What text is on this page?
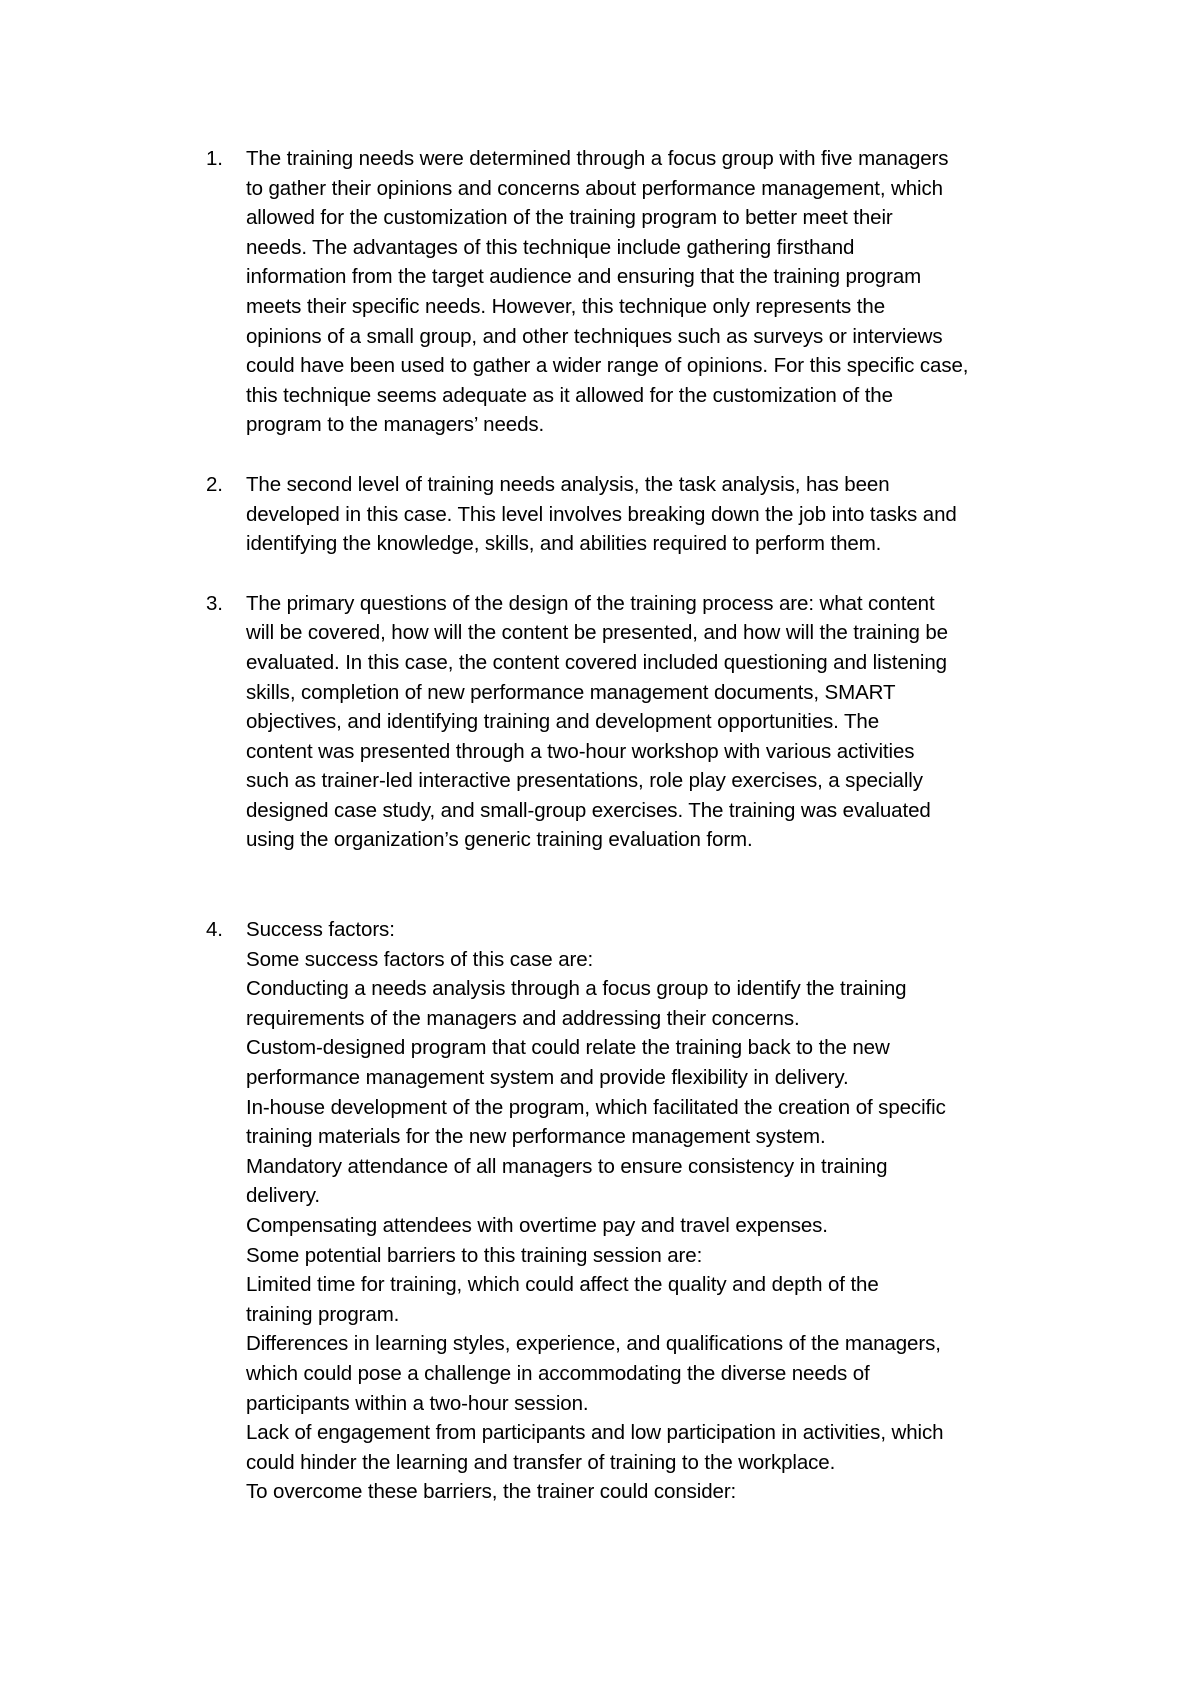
1. The training needs were determined through a focus group with five managers
to gather their opinions and concerns about performance management, which
allowed for the customization of the training program to better meet their
needs. The advantages of this technique include gathering firsthand
information from the target audience and ensuring that the training program
meets their specific needs. However, this technique only represents the
opinions of a small group, and other techniques such as surveys or interviews
could have been used to gather a wider range of opinions. For this specific case,
this technique seems adequate as it allowed for the customization of the
program to the managers’ needs.
2. The second level of training needs analysis, the task analysis, has been
developed in this case. This level involves breaking down the job into tasks and
identifying the knowledge, skills, and abilities required to perform them.
3. The primary questions of the design of the training process are: what content
will be covered, how will the content be presented, and how will the training be
evaluated. In this case, the content covered included questioning and listening
skills, completion of new performance management documents, SMART
objectives, and identifying training and development opportunities. The
content was presented through a two-hour workshop with various activities
such as trainer-led interactive presentations, role play exercises, a specially
designed case study, and small-group exercises. The training was evaluated
using the organization’s generic training evaluation form.
4. Success factors:
Some success factors of this case are:
Conducting a needs analysis through a focus group to identify the training
requirements of the managers and addressing their concerns.
Custom-designed program that could relate the training back to the new
performance management system and provide flexibility in delivery.
In-house development of the program, which facilitated the creation of specific
training materials for the new performance management system.
Mandatory attendance of all managers to ensure consistency in training
delivery.
Compensating attendees with overtime pay and travel expenses.
Some potential barriers to this training session are:
Limited time for training, which could affect the quality and depth of the
training program.
Differences in learning styles, experience, and qualifications of the managers,
which could pose a challenge in accommodating the diverse needs of
participants within a two-hour session.
Lack of engagement from participants and low participation in activities, which
could hinder the learning and transfer of training to the workplace.
To overcome these barriers, the trainer could consider:
